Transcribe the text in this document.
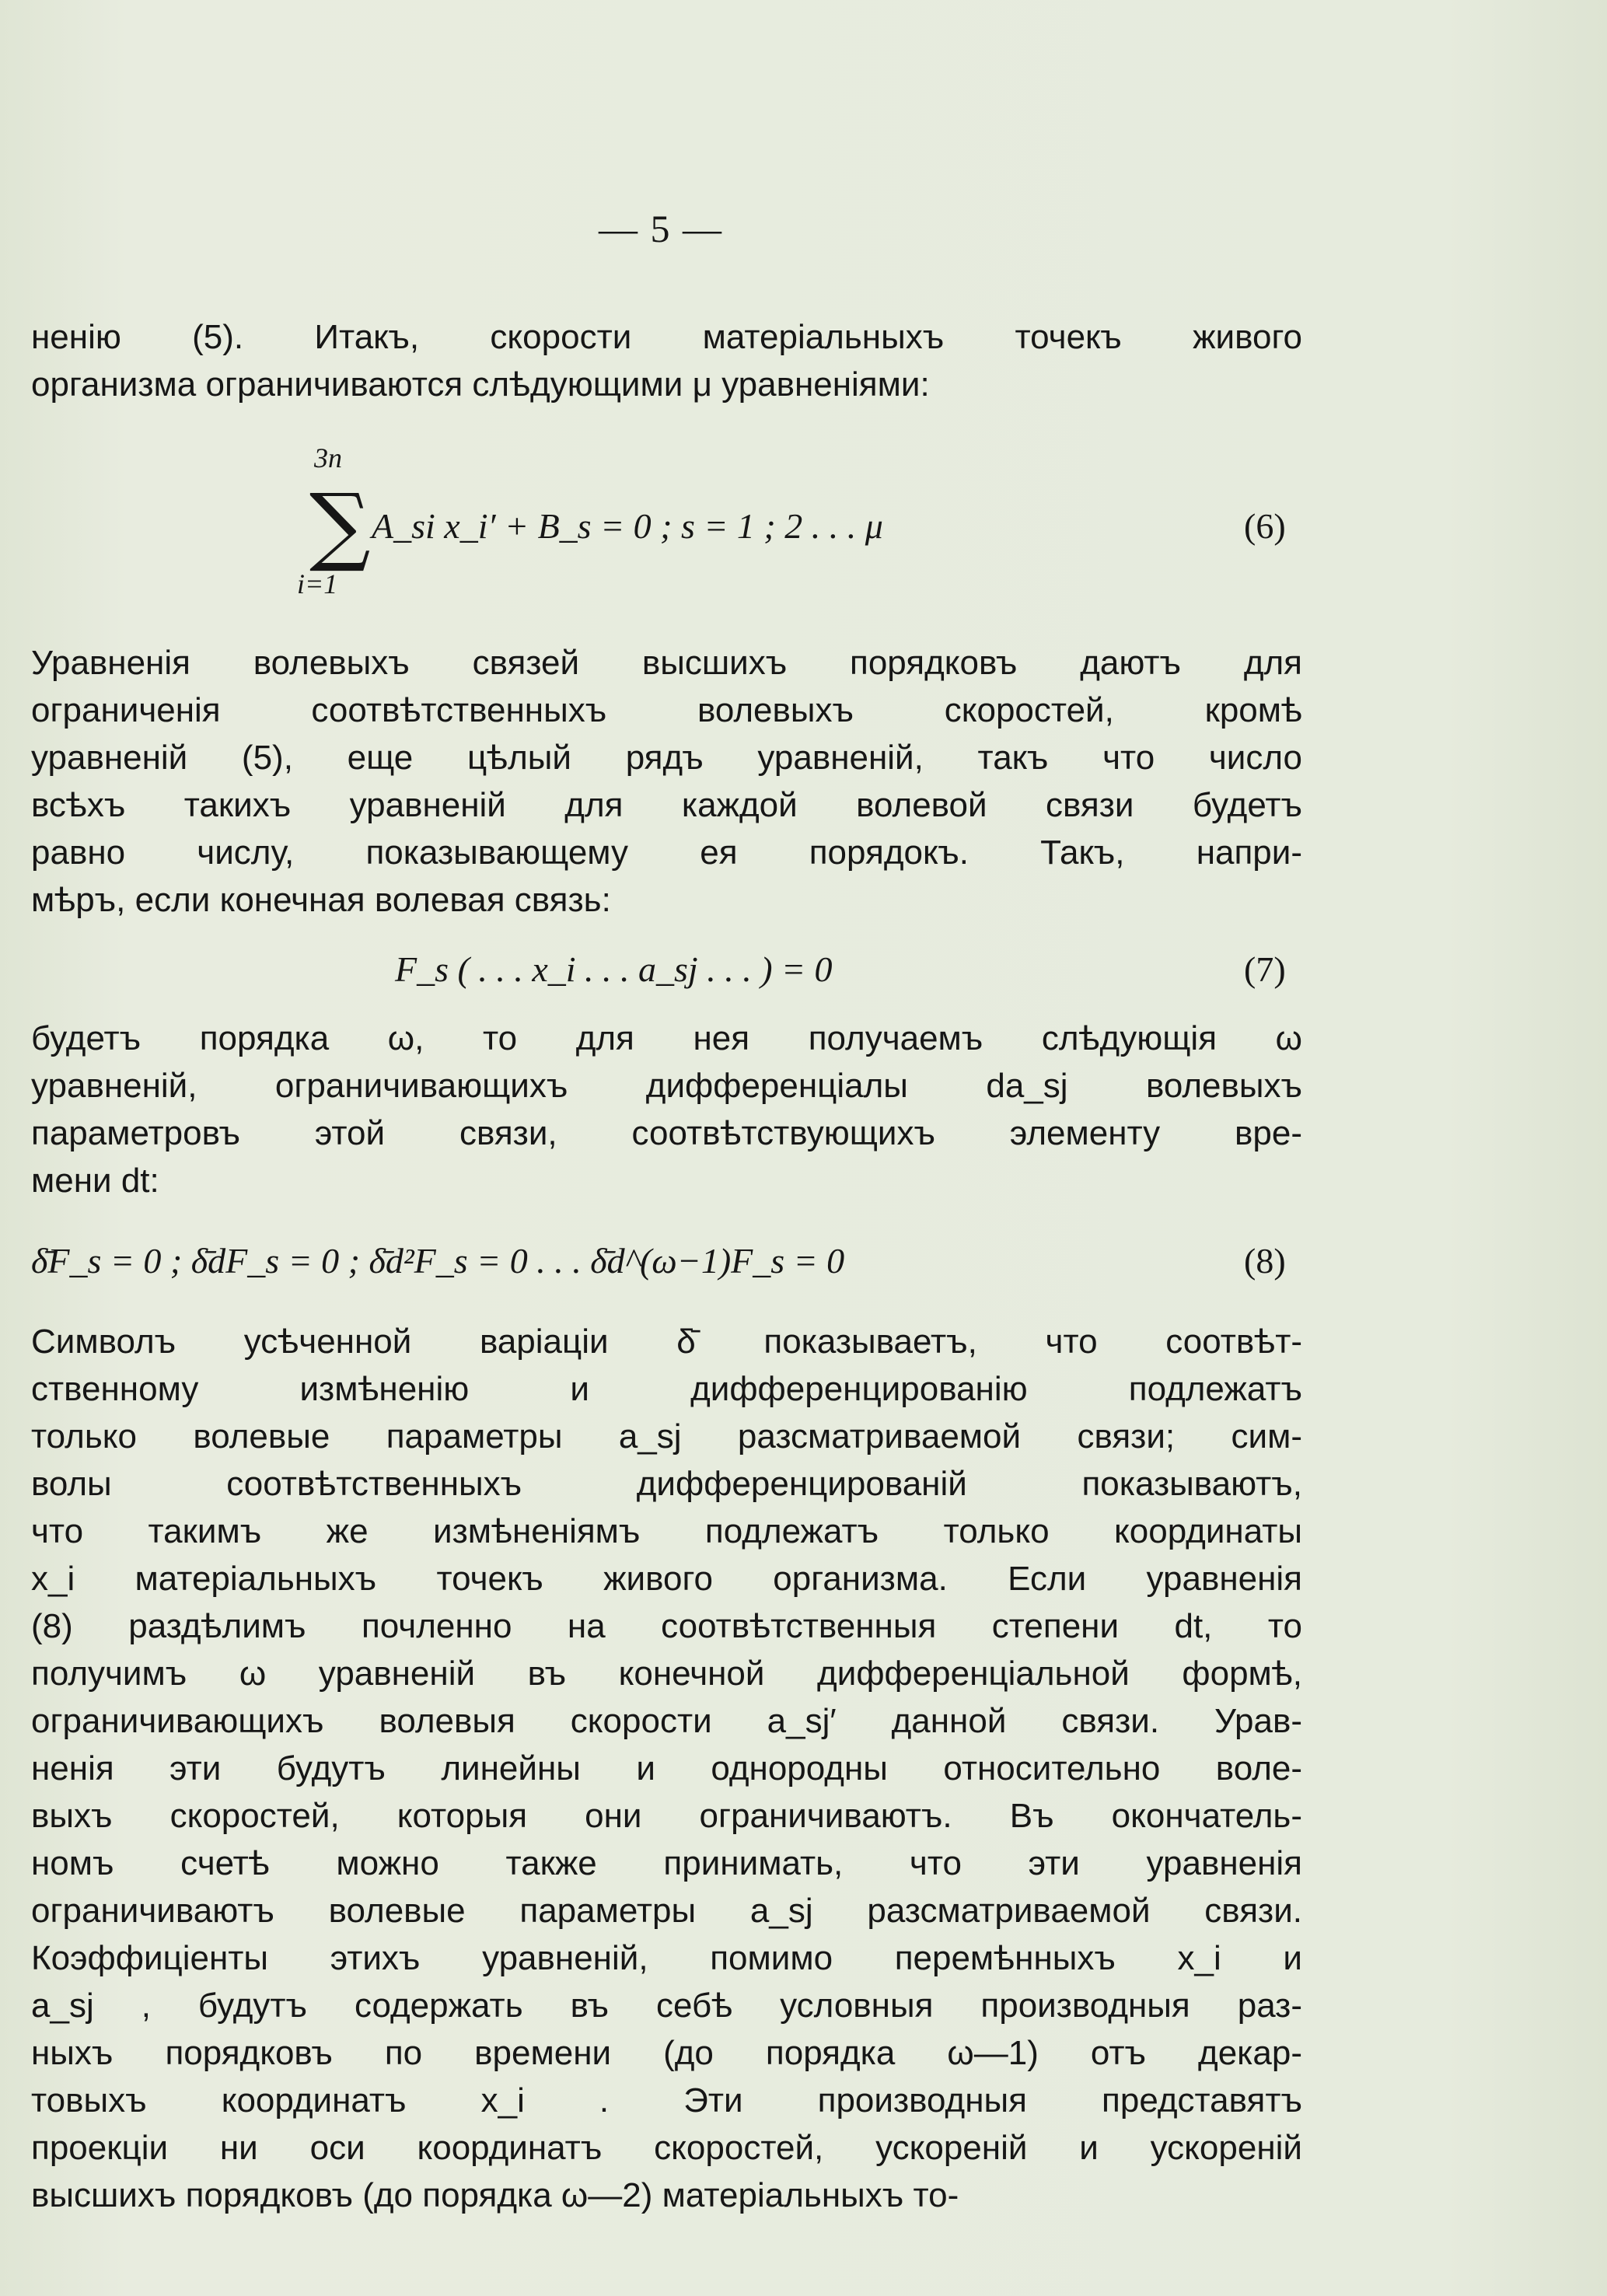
— 5 —
ненію (5). Итакъ, скорости матеріальныхъ точекъ живого
организма ограничиваются слѣдующими μ уравненіями:
3n
∑
i=1
A_si x_i′ + B_s = 0 ; s = 1 ; 2 . . . μ	(6)
Уравненія волевыхъ связей высшихъ порядковъ даютъ для
ограниченія соотвѣтственныхъ волевыхъ скоростей, кромѣ
уравненій (5), еще цѣлый рядъ уравненій, такъ что число
всѣхъ такихъ уравненій для каждой волевой связи будетъ
равно числу, показывающему ея порядокъ. Такъ, напри-
мѣръ, если конечная волевая связь:
F_s ( . . . x_i . . . a_sj . . . ) = 0	(7)
будетъ порядка ω, то для нея получаемъ слѣдующія ω
уравненій, ограничивающихъ дифференціалы da_sj волевыхъ
параметровъ этой связи, соотвѣтствующихъ элементу вре-
мени dt:
δ̄F_s = 0 ; δ̄dF_s = 0 ; δ̄d²F_s = 0 . . . δ̄d^(ω−1)F_s = 0	(8)
Символъ усѣченной варіаціи δ̄ показываетъ, что соотвѣт-
ственному измѣненію и дифференцированію подлежатъ
только волевые параметры a_sj разсматриваемой связи; сим-
волы соотвѣтственныхъ дифференцированій показываютъ,
что такимъ же измѣненіямъ подлежатъ только координаты
x_i матеріальныхъ точекъ живого организма. Если уравненія
(8) раздѣлимъ почленно на соотвѣтственныя степени dt, то
получимъ ω уравненій въ конечной дифференціальной формѣ,
ограничивающихъ волевыя скорости a_sj′ данной связи. Урав-
ненія эти будутъ линейны и однородны относительно воле-
выхъ скоростей, которыя они ограничиваютъ. Въ окончатель-
номъ счетѣ можно также принимать, что эти уравненія
ограничиваютъ волевые параметры a_sj разсматриваемой связи.
Коэффиціенты этихъ уравненій, помимо перемѣнныхъ x_i и
a_sj , будутъ содержать въ себѣ условныя производныя раз-
ныхъ порядковъ по времени (до порядка ω—1) отъ декар-
товыхъ координатъ x_i . Эти производныя представятъ
проекціи ни оси координатъ скоростей, ускореній и ускореній
высшихъ порядковъ (до порядка ω—2) матеріальныхъ то-
